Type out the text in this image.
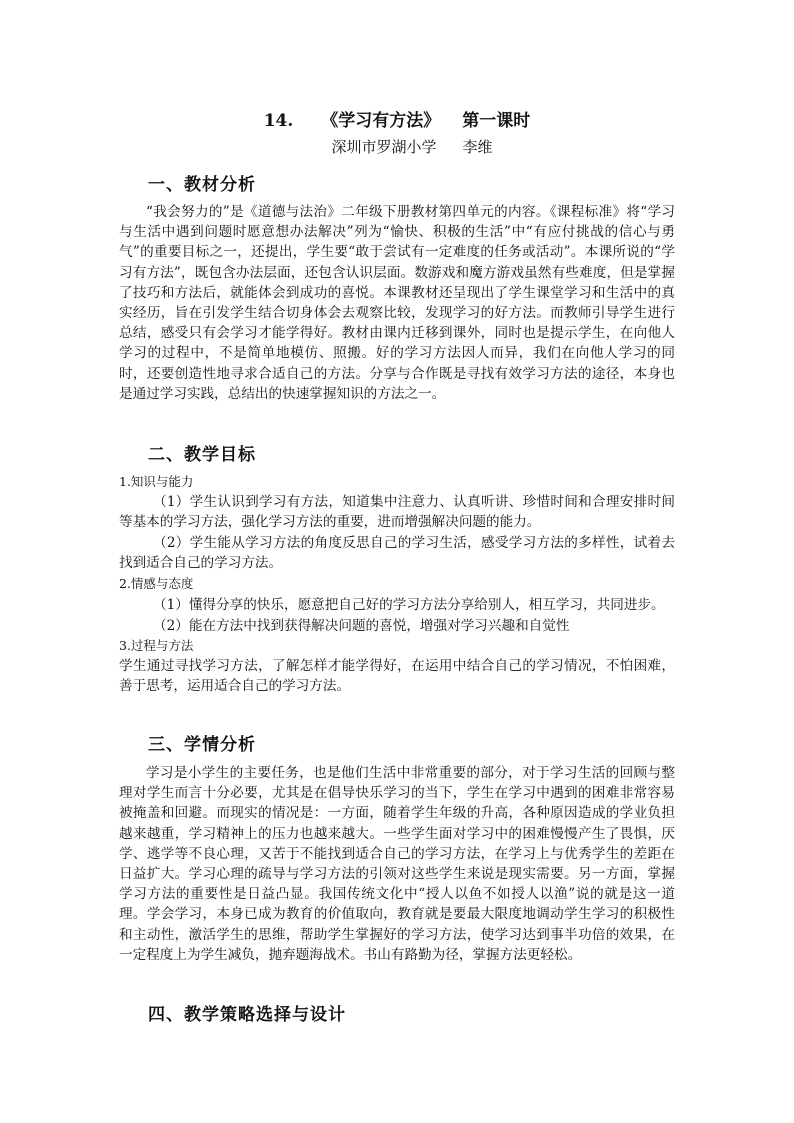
14. 《学习有方法》 第一课时
深圳市罗湖小学 李维
一、教材分析

“我会努力的”是《道德与法治》二年级下册教材第四单元的内容。《课程标准》将“学习与生活中遇到问题时愿意想办法解决”列为“愉快、积极的生活”中“有应付挑战的信心与勇气”的重要目标之一，还提出，学生要“敢于尝试有一定难度的任务或活动”。本课所说的“学习有方法”，既包含办法层面，还包含认识层面。数游戏和魔方游戏虽然有些难度，但是掌握了技巧和方法后，就能体会到成功的喜悦。本课教材还呈现出了学生课堂学习和生活中的真实经历，旨在引发学生结合切身体会去观察比较，发现学习的好方法。而教师引导学生进行总结，感受只有会学习才能学得好。教材由课内迁移到课外，同时也是提示学生，在向他人学习的过程中，不是简单地模仿、照搬。好的学习方法因人而异，我们在向他人学习的同时，还要创造性地寻求合适自己的方法。分享与合作既是寻找有效学习方法的途径，本身也是通过学习实践，总结出的快速掌握知识的方法之一。

二、教学目标

1.知识与能力

（1）学生认识到学习有方法，知道集中注意力、认真听讲、珍惜时间和合理安排时间等基本的学习方法，强化学习方法的重要，进而增强解决问题的能力。

（2）学生能从学习方法的角度反思自己的学习生活，感受学习方法的多样性，试着去找到适合自己的学习方法。

2.情感与态度

（1）懂得分享的快乐，愿意把自己好的学习方法分享给别人，相互学习，共同进步。

（2）能在方法中找到获得解决问题的喜悦，增强对学习兴趣和自觉性

3.过程与方法

学生通过寻找学习方法，了解怎样才能学得好，在运用中结合自己的学习情况，不怕困难，善于思考，运用适合自己的学习方法。

三、学情分析

学习是小学生的主要任务，也是他们生活中非常重要的部分，对于学习生活的回顾与整理对学生而言十分必要，尤其是在倡导快乐学习的当下，学生在学习中遇到的困难非常容易被掩盖和回避。而现实的情况是：一方面，随着学生年级的升高，各种原因造成的学业负担越来越重，学习精神上的压力也越来越大。一些学生面对学习中的困难慢慢产生了畏惧，厌学、逃学等不良心理，又苦于不能找到适合自己的学习方法，在学习上与优秀学生的差距在日益扩大。学习心理的疏导与学习方法的引领对这些学生来说是现实需要。另一方面，掌握学习方法的重要性是日益凸显。我国传统文化中“授人以鱼不如授人以渔”说的就是这一道理。学会学习，本身已成为教育的价值取向，教育就是要最大限度地调动学生学习的积极性和主动性，激活学生的思维，帮助学生掌握好的学习方法，使学习达到事半功倍的效果，在一定程度上为学生减负，抛弃题海战术。书山有路勤为径，掌握方法更轻松。

四、教学策略选择与设计
